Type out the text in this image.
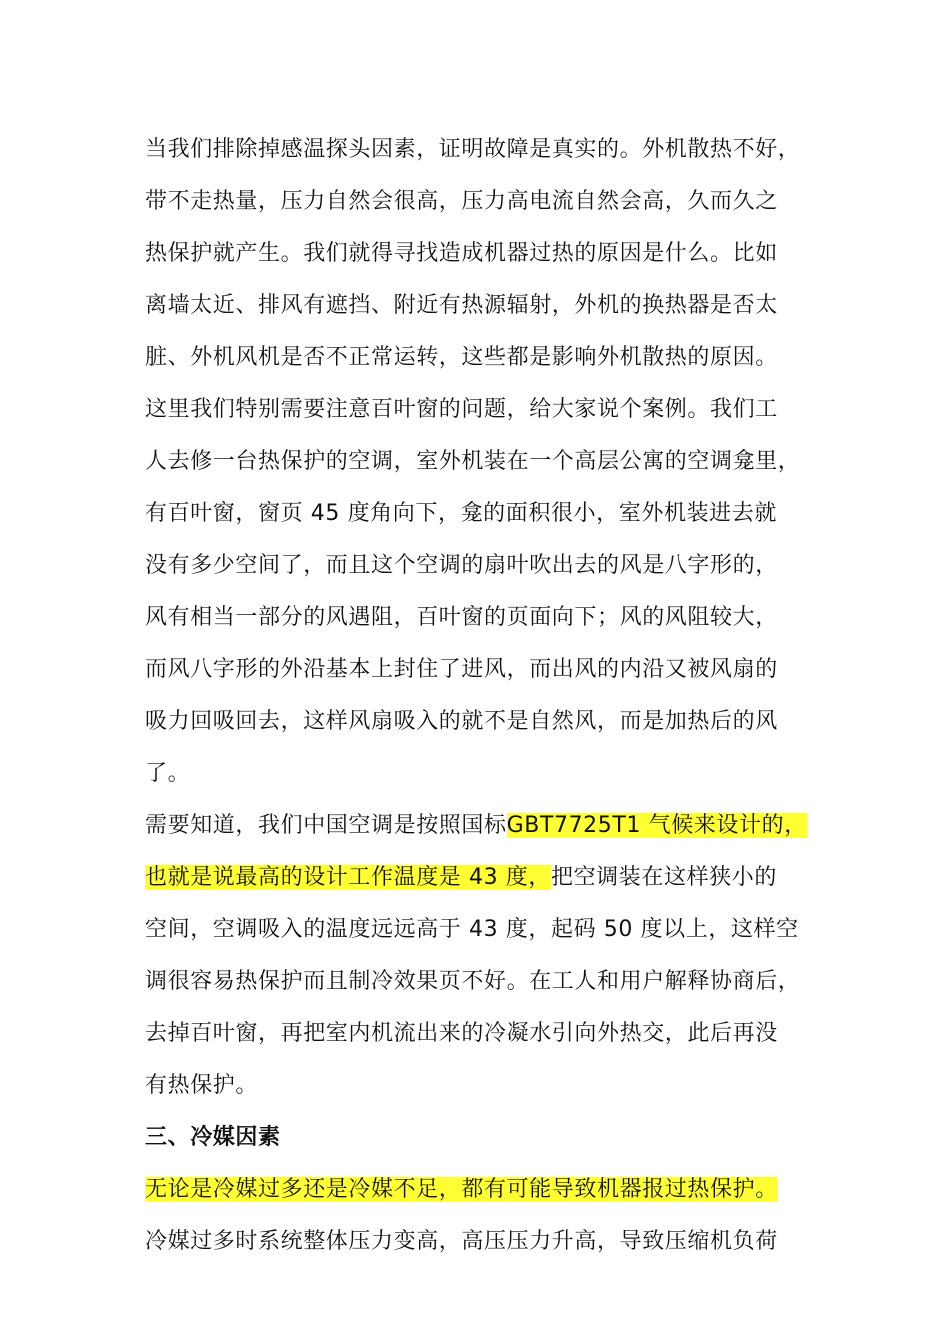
当我们排除掉感温探头因素，证明故障是真实的。外机散热不好，
带不走热量，压力自然会很高，压力高电流自然会高，久而久之
热保护就产生。我们就得寻找造成机器过热的原因是什么。比如
离墙太近、排风有遮挡、附近有热源辐射，外机的换热器是否太
脏、外机风机是否不正常运转，这些都是影响外机散热的原因。
这里我们特别需要注意百叶窗的问题，给大家说个案例。我们工
人去修一台热保护的空调，室外机装在一个高层公寓的空调龛里，
有百叶窗，窗页 45 度角向下，龛的面积很小，室外机装进去就
没有多少空间了，而且这个空调的扇叶吹出去的风是八字形的，
风有相当一部分的风遇阻，百叶窗的页面向下；风的风阻较大，
而风八字形的外沿基本上封住了进风，而出风的内沿又被风扇的
吸力回吸回去，这样风扇吸入的就不是自然风，而是加热后的风
了。
需要知道，我们中国空调是按照国标GBT7725T1 气候来设计的，
也就是说最高的设计工作温度是 43 度，把空调装在这样狭小的
空间，空调吸入的温度远远高于 43 度，起码 50 度以上，这样空
调很容易热保护而且制冷效果页不好。在工人和用户解释协商后，
去掉百叶窗，再把室内机流出来的冷凝水引向外热交，此后再没
有热保护。
三、冷媒因素
无论是冷媒过多还是冷媒不足，都有可能导致机器报过热保护。
冷媒过多时系统整体压力变高，高压压力升高，导致压缩机负荷
